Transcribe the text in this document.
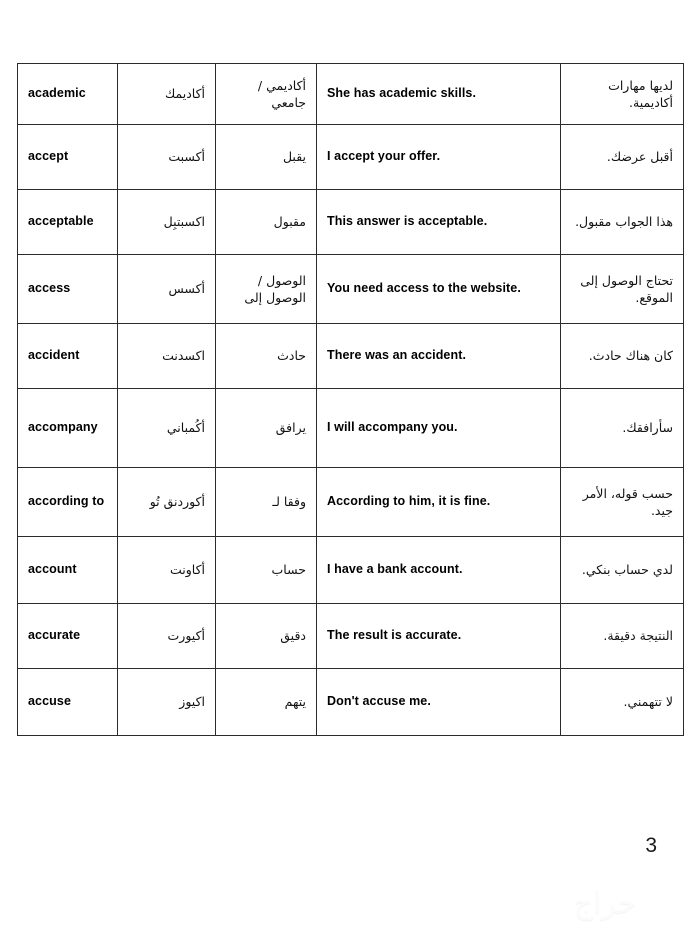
academic	أكاديمك	أكاديمي / جامعي	She has academic skills.	لديها مهارات أكاديمية.
accept	أكسبت	يقبل	I accept your offer.	أقبل عرضك.
acceptable	اكسبتبِل	مقبول	This answer is acceptable.	هذا الجواب مقبول.
access	أكسس	الوصول / الوصول إلى	You need access to the website.	تحتاج الوصول إلى الموقع.
accident	اكسدنت	حادث	There was an accident.	كان هناك حادث.
accompany	أكُمباني	يرافق	I will accompany you.	سأرافقك.
according to	أكوردنق تُو	وفقا لـ	According to him, it is fine.	حسب قوله، الأمر جيد.
account	أكاونت	حساب	I have a bank account.	لدي حساب بنكي.
accurate	أكيورت	دقيق	The result is accurate.	النتيجة دقيقة.
accuse	اكيوز	يتهم	Don't accuse me.	لا تتهمني.
3
حراج
